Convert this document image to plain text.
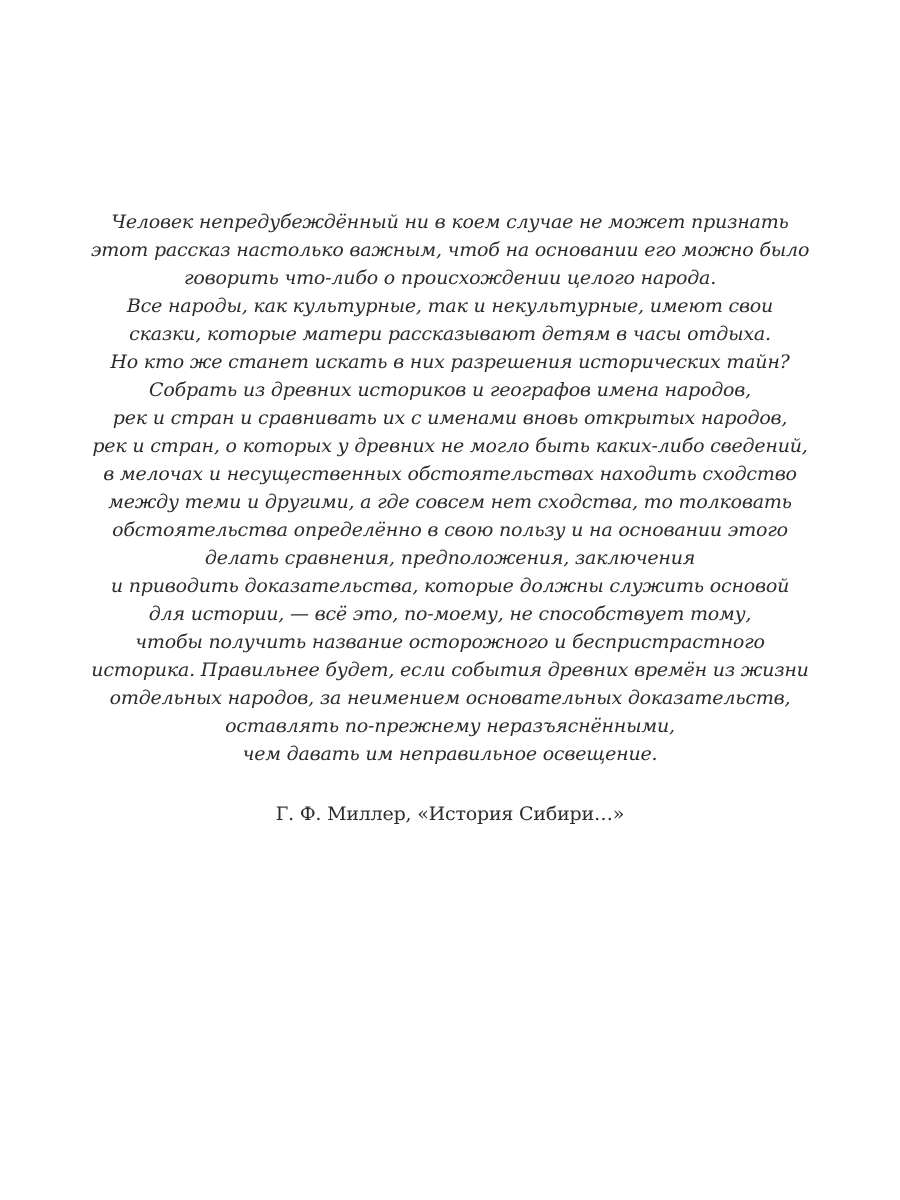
Человек непредубеждённый ни в коем случае не может признать
этот рассказ настолько важным, чтоб на основании его можно было
говорить что-либо о происхождении целого народа.
Все народы, как культурные, так и некультурные, имеют свои
сказки, которые матери рассказывают детям в часы отдыха.
Но кто же станет искать в них разрешения исторических тайн?
Собрать из древних историков и географов имена народов,
рек и стран и сравнивать их с именами вновь открытых народов,
рек и стран, о которых у древних не могло быть каких-либо сведений,
в мелочах и несущественных обстоятельствах находить сходство
между теми и другими, а где совсем нет сходства, то толковать
обстоятельства определённо в свою пользу и на основании этого
делать сравнения, предположения, заключения
и приводить доказательства, которые должны служить основой
для истории, — всё это, по-моему, не способствует тому,
чтобы получить название осторожного и беспристрастного
историка. Правильнее будет, если события древних времён из жизни
отдельных народов, за неимением основательных доказательств,
оставлять по-прежнему неразъяснёнными,
чем давать им неправильное освещение.
Г. Ф. Миллер, «История Сибири…»
